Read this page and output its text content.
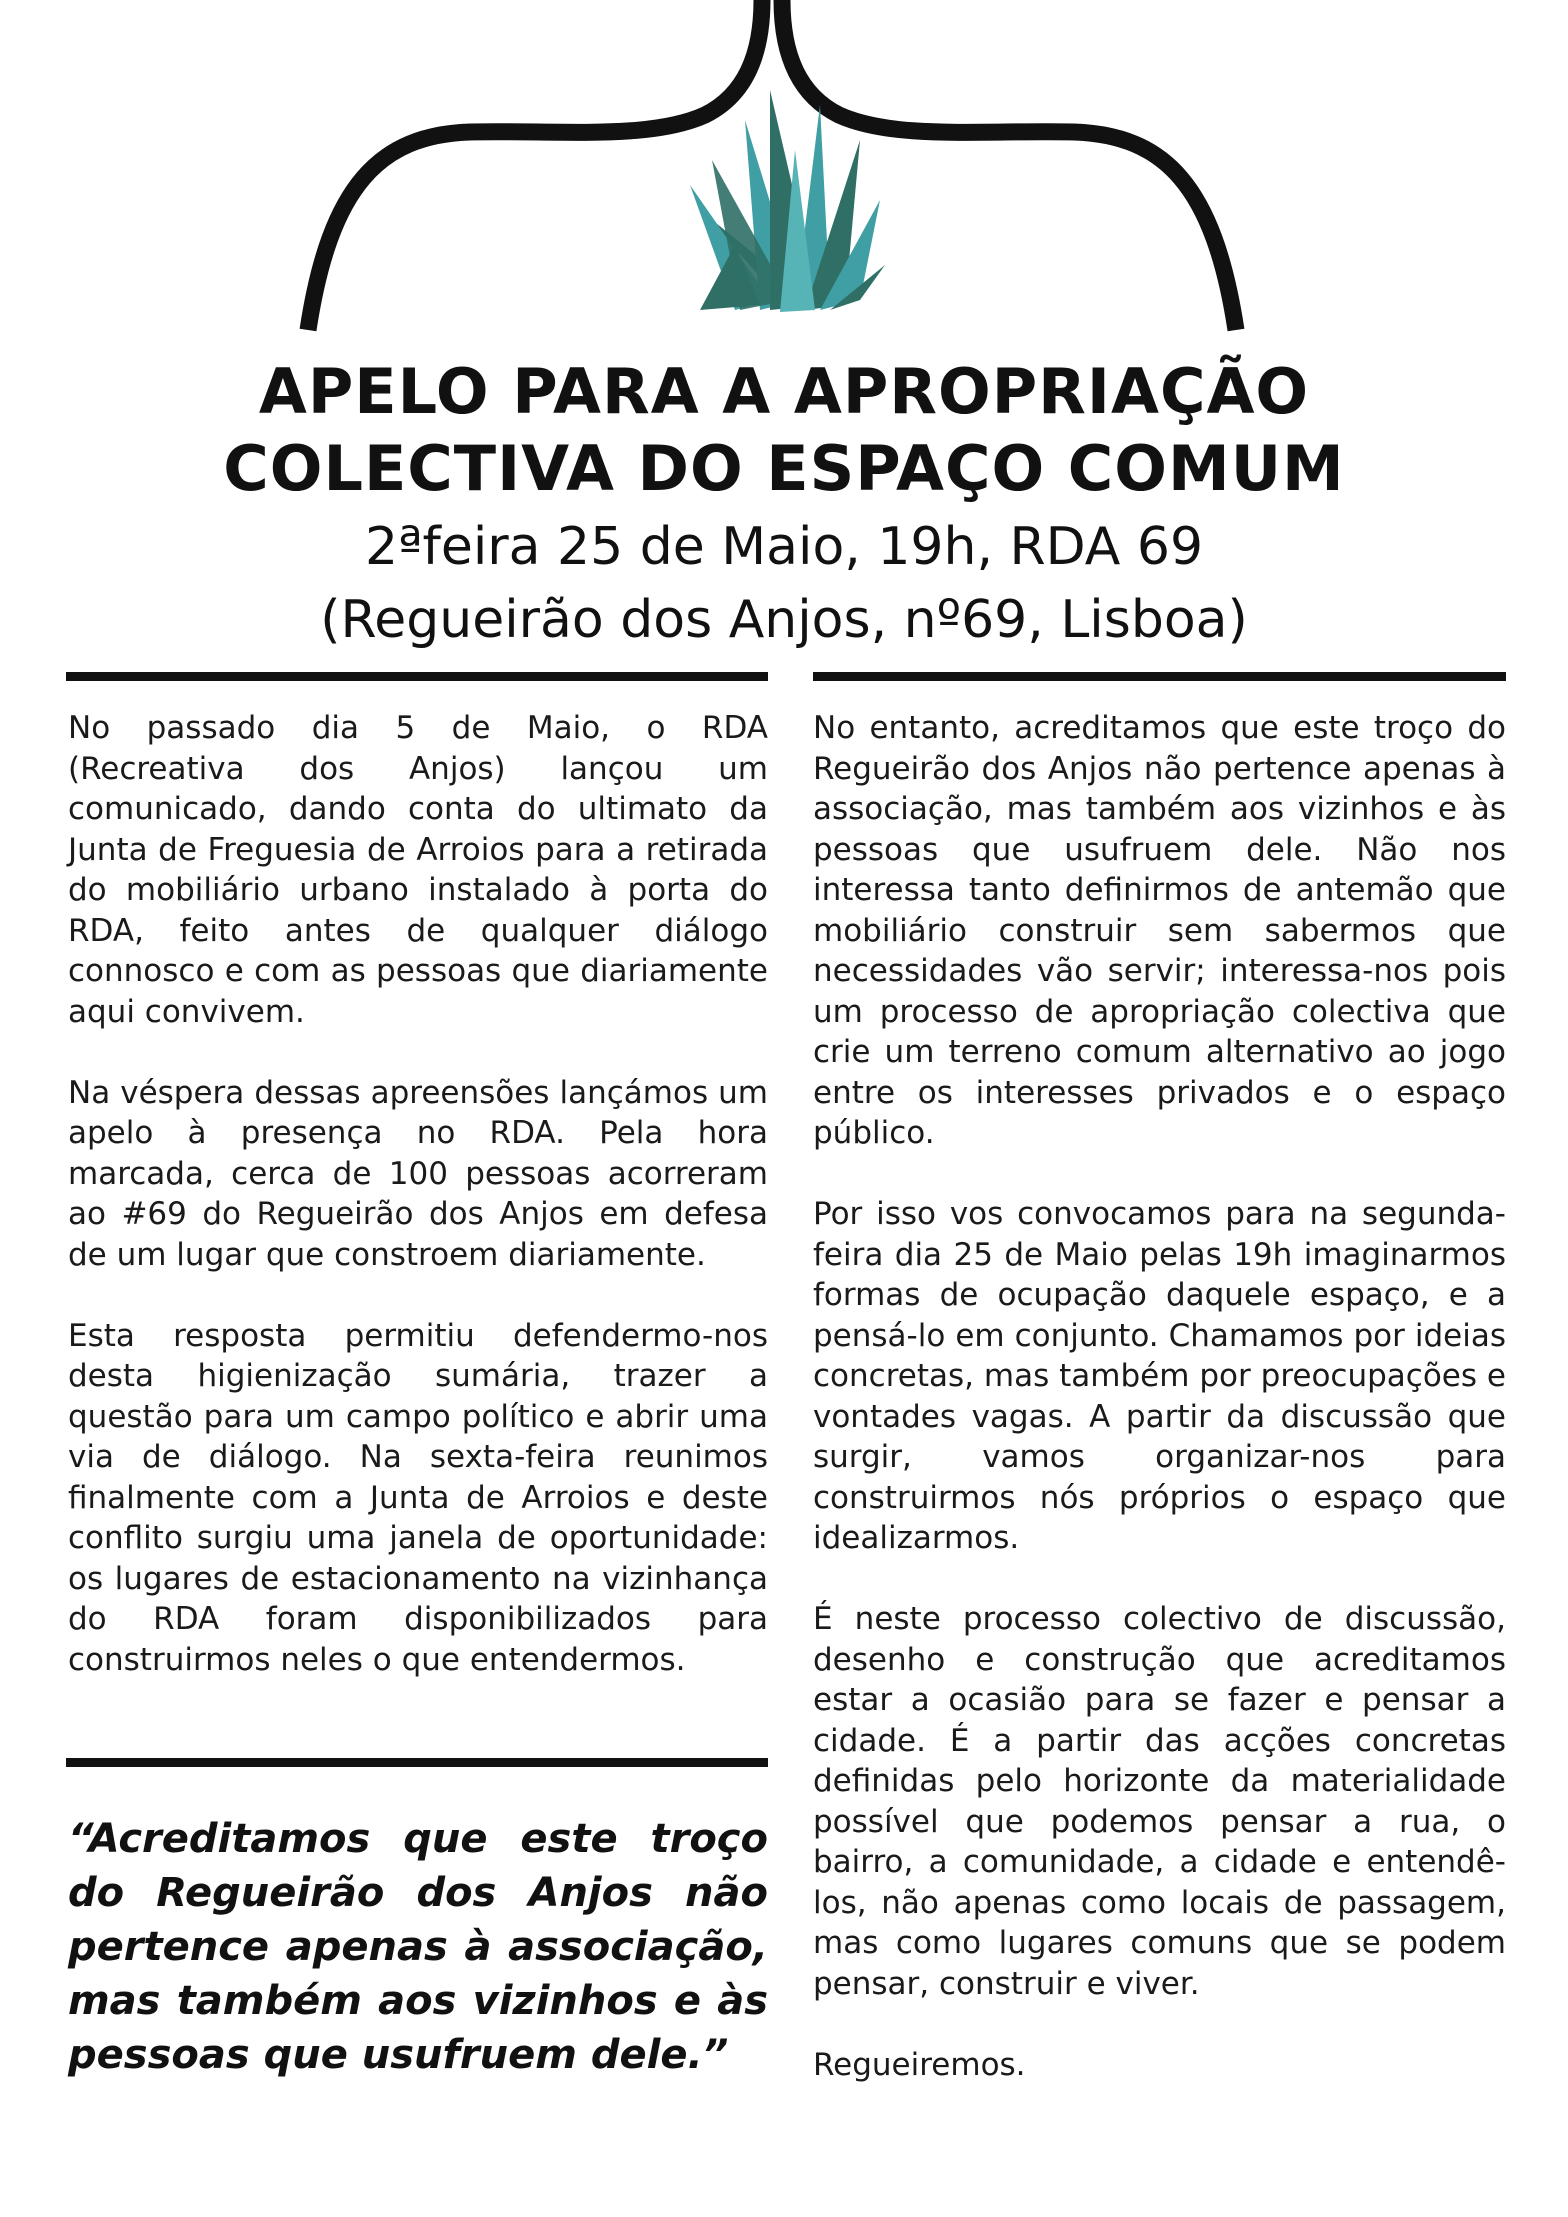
APELO PARA A APROPRIAÇÃO
COLECTIVA DO ESPAÇO COMUM
2ªfeira 25 de Maio, 19h, RDA 69
(Regueirão dos Anjos, nº69, Lisboa)

No passado dia 5 de Maio, o RDA (Recreativa dos Anjos) lançou um comunicado, dando conta do ultimato da Junta de Freguesia de Arroios para a retirada do mobiliário urbano instalado à porta do RDA, feito antes de qualquer diálogo connosco e com as pessoas que diariamente aqui convivem.

Na véspera dessas apreensões lançámos um apelo à presença no RDA. Pela hora marcada, cerca de 100 pessoas acorreram ao #69 do Regueirão dos Anjos em defesa de um lugar que constroem diariamente.

Esta resposta permitiu defendermo-nos desta higienização sumária, trazer a questão para um campo político e abrir uma via de diálogo. Na sexta-feira reunimos finalmente com a Junta de Arroios e deste conflito surgiu uma janela de oportunidade: os lugares de estacionamento na vizinhança do RDA foram disponibilizados para construirmos neles o que entendermos.

“Acreditamos que este troço do Regueirão dos Anjos não pertence apenas à associação, mas também aos vizinhos e às pessoas que usufruem dele.”

No entanto, acreditamos que este troço do Regueirão dos Anjos não pertence apenas à associação, mas também aos vizinhos e às pessoas que usufruem dele. Não nos interessa tanto definirmos de antemão que mobiliário construir sem sabermos que necessidades vão servir; interessa-nos pois um processo de apropriação colectiva que crie um terreno comum alternativo ao jogo entre os interesses privados e o espaço público.

Por isso vos convocamos para na segunda-feira dia 25 de Maio pelas 19h imaginarmos formas de ocupação daquele espaço, e a pensá-lo em conjunto. Chamamos por ideias concretas, mas também por preocupações e vontades vagas. A partir da discussão que surgir, vamos organizar-nos para construirmos nós próprios o espaço que idealizarmos.

É neste processo colectivo de discussão, desenho e construção que acreditamos estar a ocasião para se fazer e pensar a cidade. É a partir das acções concretas definidas pelo horizonte da materialidade possível que podemos pensar a rua, o bairro, a comunidade, a cidade e entendê-los, não apenas como locais de passagem, mas como lugares comuns que se podem pensar, construir e viver.

Regueiremos.
